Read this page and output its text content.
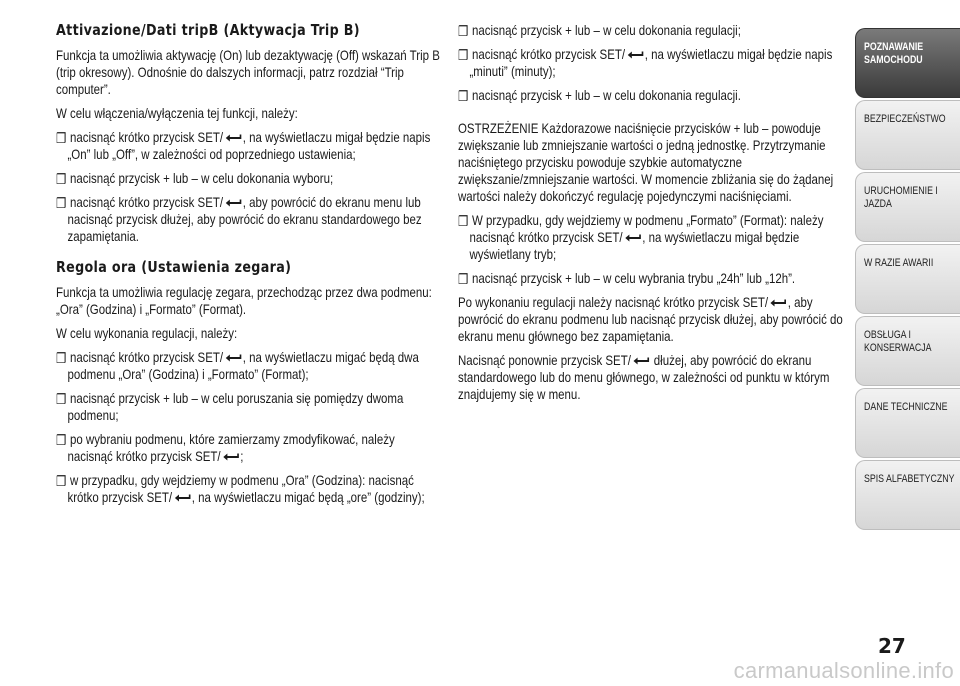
Attivazione/Dati tripB (Aktywacja Trip B)

Funkcja ta umożliwia aktywację (On) lub dezaktywację (Off) wskazań Trip B (trip okresowy). Odnośnie do dalszych informacji, patrz rozdział “Trip computer”.

W celu włączenia/wyłączenia tej funkcji, należy:

❒ nacisnąć krótko przycisk SET/ , na wyświetlaczu migał będzie napis „On” lub „Off”, w zależności od poprzedniego ustawienia;
❒ nacisnąć przycisk + lub – w celu dokonania wyboru;
❒ nacisnąć krótko przycisk SET/ , aby powrócić do ekranu menu lub nacisnąć przycisk dłużej, aby powrócić do ekranu standardowego bez zapamiętania.
Regola ora (Ustawienia zegara)

Funkcja ta umożliwia regulację zegara, przechodząc przez dwa podmenu: „Ora” (Godzina) i „Formato” (Format).

W celu wykonania regulacji, należy:

❒ nacisnąć krótko przycisk SET/ , na wyświetlaczu migać będą dwa podmenu „Ora” (Godzina) i „Formato” (Format);
❒ nacisnąć przycisk + lub – w celu poruszania się pomiędzy dwoma podmenu;
❒ po wybraniu podmenu, które zamierzamy zmodyfikować, należy nacisnąć krótko przycisk SET/ ;
❒ w przypadku, gdy wejdziemy w podmenu „Ora” (Godzina): nacisnąć krótko przycisk SET/ , na wyświetlaczu migać będą „ore” (godziny);
❒ nacisnąć przycisk + lub – w celu dokonania regulacji;
❒ nacisnąć krótko przycisk SET/ , na wyświetlaczu migał będzie napis „minuti” (minuty);
❒ nacisnąć przycisk + lub – w celu dokonania regulacji.

OSTRZEŻENIE Każdorazowe naciśnięcie przycisków + lub – powoduje zwiększanie lub zmniejszanie wartości o jedną jednostkę. Przytrzymanie naciśniętego przycisku powoduje szybkie automatyczne zwiększanie/zmniejszanie wartości. W momencie zbliżania się do żądanej wartości należy dokończyć regulację pojedynczymi naciśnięciami.

❒ W przypadku, gdy wejdziemy w podmenu „Formato” (Format): należy nacisnąć krótko przycisk SET/ , na wyświetlaczu migał będzie wyświetlany tryb;
❒ nacisnąć przycisk + lub – w celu wybrania trybu „24h” lub „12h”.

Po wykonaniu regulacji należy nacisnąć krótko przycisk SET/ , aby powrócić do ekranu podmenu lub nacisnąć przycisk dłużej, aby powrócić do ekranu menu głównego bez zapamiętania.

Nacisnąć ponownie przycisk SET/ dłużej, aby powrócić do ekranu standardowego lub do menu głównego, w zależności od punktu w którym znajdujemy się w menu.

POZNAWANIE
SAMOCHODU
BEZPIECZEŃSTWO
URUCHOMIENIE I
JAZDA
W RAZIE AWARII
OBSŁUGA I
KONSERWACJA
DANE TECHNICZNE
SPIS ALFABETYCZNY
27
carmanualsonline.info
